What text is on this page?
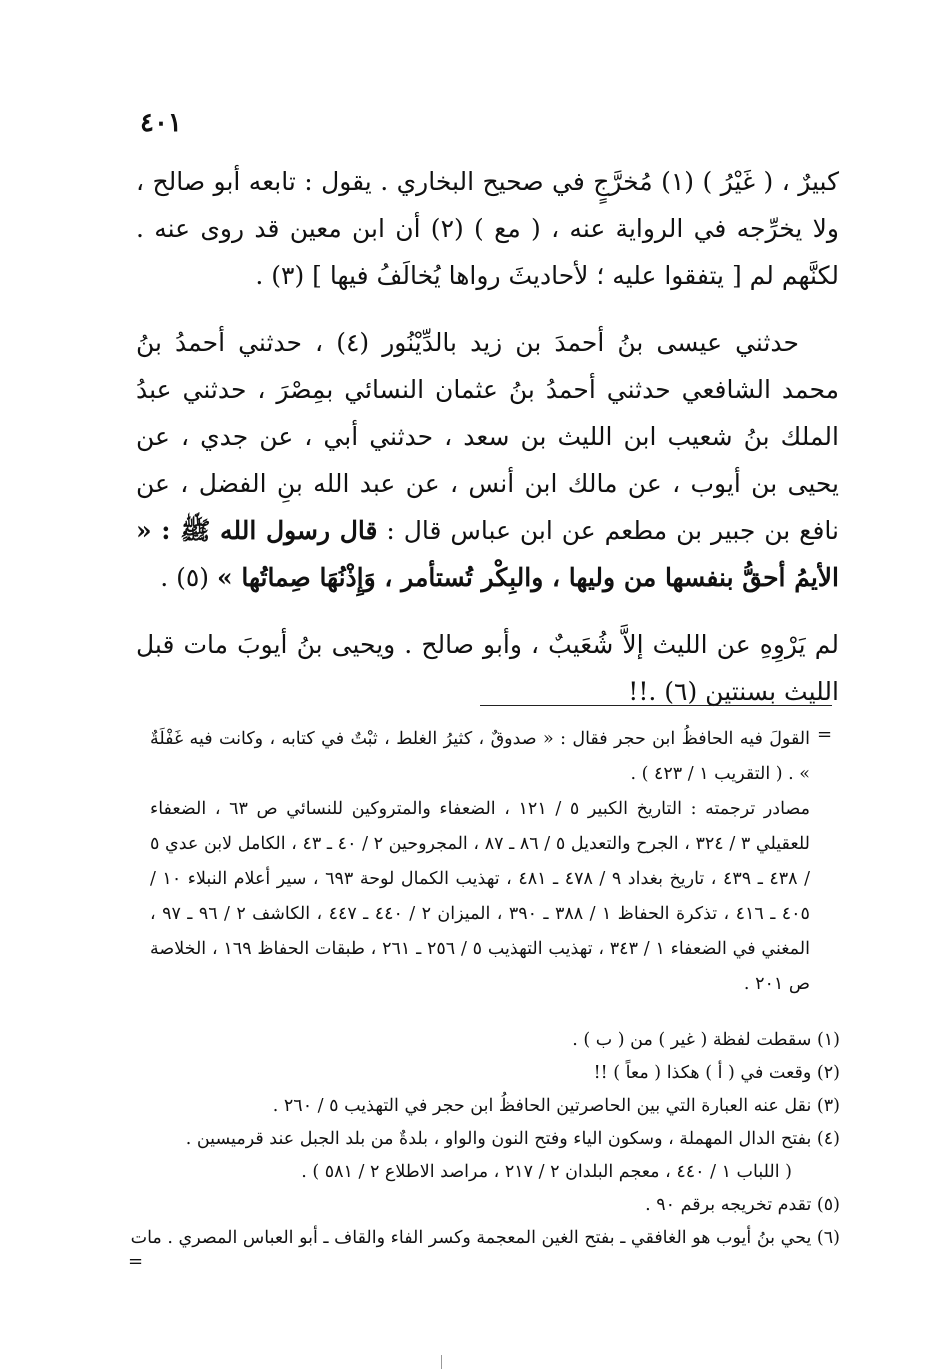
٤٠١

كبيرٌ ، ( غَيْرُ ) (١) مُخرَّجٍ في صحيح البخاري . يقول : تابعه أبو صالح ، ولا يخرِّجه في الرواية عنه ، ( مع ) (٢) أن ابن معين قد روى عنه . لكنَّهم لم [ يتفقوا عليه ؛ لأحاديثَ رواها يُخالَفُ فيها ] (٣) .

حدثني عيسى بنُ أحمدَ بن زيد بالدِّيْنُور (٤) ، حدثني أحمدُ بنُ محمد الشافعي حدثني أحمدُ بنُ عثمان النسائي بمِصْرَ ، حدثني عبدُ الملك بنُ شعيب ابن الليث بن سعد ، حدثني أبي ، عن جدي ، عن يحيى بن أيوب ، عن مالك ابن أنس ، عن عبد الله بنِ الفضل ، عن نافع بن جبير بن مطعم عن ابن عباس قال : قال رسول الله ﷺ : « الأيمُ أحقُّ بنفسها من وليها ، والبِكْر تُستأمر ، وَإِذْنُهَا صِماتُها » (٥) .

لم يَرْوِهِ عن الليث إلاَّ شُعَيبٌ ، وأبو صالح . ويحيى بنُ أيوبَ مات قبل الليث بسنتين (٦) .!!

=

القولَ فيه الحافظُ ابن حجر فقال : « صدوقٌ ، كثيرُ الغلط ، ثبْتٌ في كتابه ، وكانت فيه غَفْلَةٌ » . ( التقريب ١ / ٤٢٣ ) .

مصادر ترجمته : التاريخ الكبير ٥ / ١٢١ ، الضعفاء والمتروكين للنسائي ص ٦٣ ، الضعفاء للعقيلي ٣ / ٣٢٤ ، الجرح والتعديل ٥ / ٨٦ ـ ٨٧ ، المجروحين ٢ / ٤٠ ـ ٤٣ ، الكامل لابن عدي ٥ / ٤٣٨ ـ ٤٣٩ ، تاريخ بغداد ٩ / ٤٧٨ ـ ٤٨١ ، تهذيب الكمال لوحة ٦٩٣ ، سير أعلام النبلاء ١٠ / ٤٠٥ ـ ٤١٦ ، تذكرة الحفاظ ١ / ٣٨٨ ـ ٣٩٠ ، الميزان ٢ / ٤٤٠ ـ ٤٤٧ ، الكاشف ٢ / ٩٦ ـ ٩٧ ، المغني في الضعفاء ١ / ٣٤٣ ، تهذيب التهذيب ٥ / ٢٥٦ ـ ٢٦١ ، طبقات الحفاظ ١٦٩ ، الخلاصة ص ٢٠١ .

(١) سقطت لفظة ( غير ) من ( ب ) .

(٢) وقعت في ( أ ) هكذا ( معاً ) !!

(٣) نقل عنه العبارة التي بين الحاصرتين الحافظُ ابن حجر في التهذيب ٥ / ٢٦٠ .

(٤) بفتح الدال المهملة ، وسكون الياء وفتح النون والواو ، بلدةٌ من بلد الجبل عند قرميسين .

( اللباب ١ / ٤٤٠ ، معجم البلدان ٢ / ٢١٧ ، مراصد الاطلاع ٢ / ٥٨١ ) .

(٥) تقدم تخريجه برقم ٩٠ .

(٦) يحي بنُ أيوب هو الغافقي ـ بفتح الغين المعجمة وكسر الفاء والقاف ـ أبو العباس المصري . مات

=
